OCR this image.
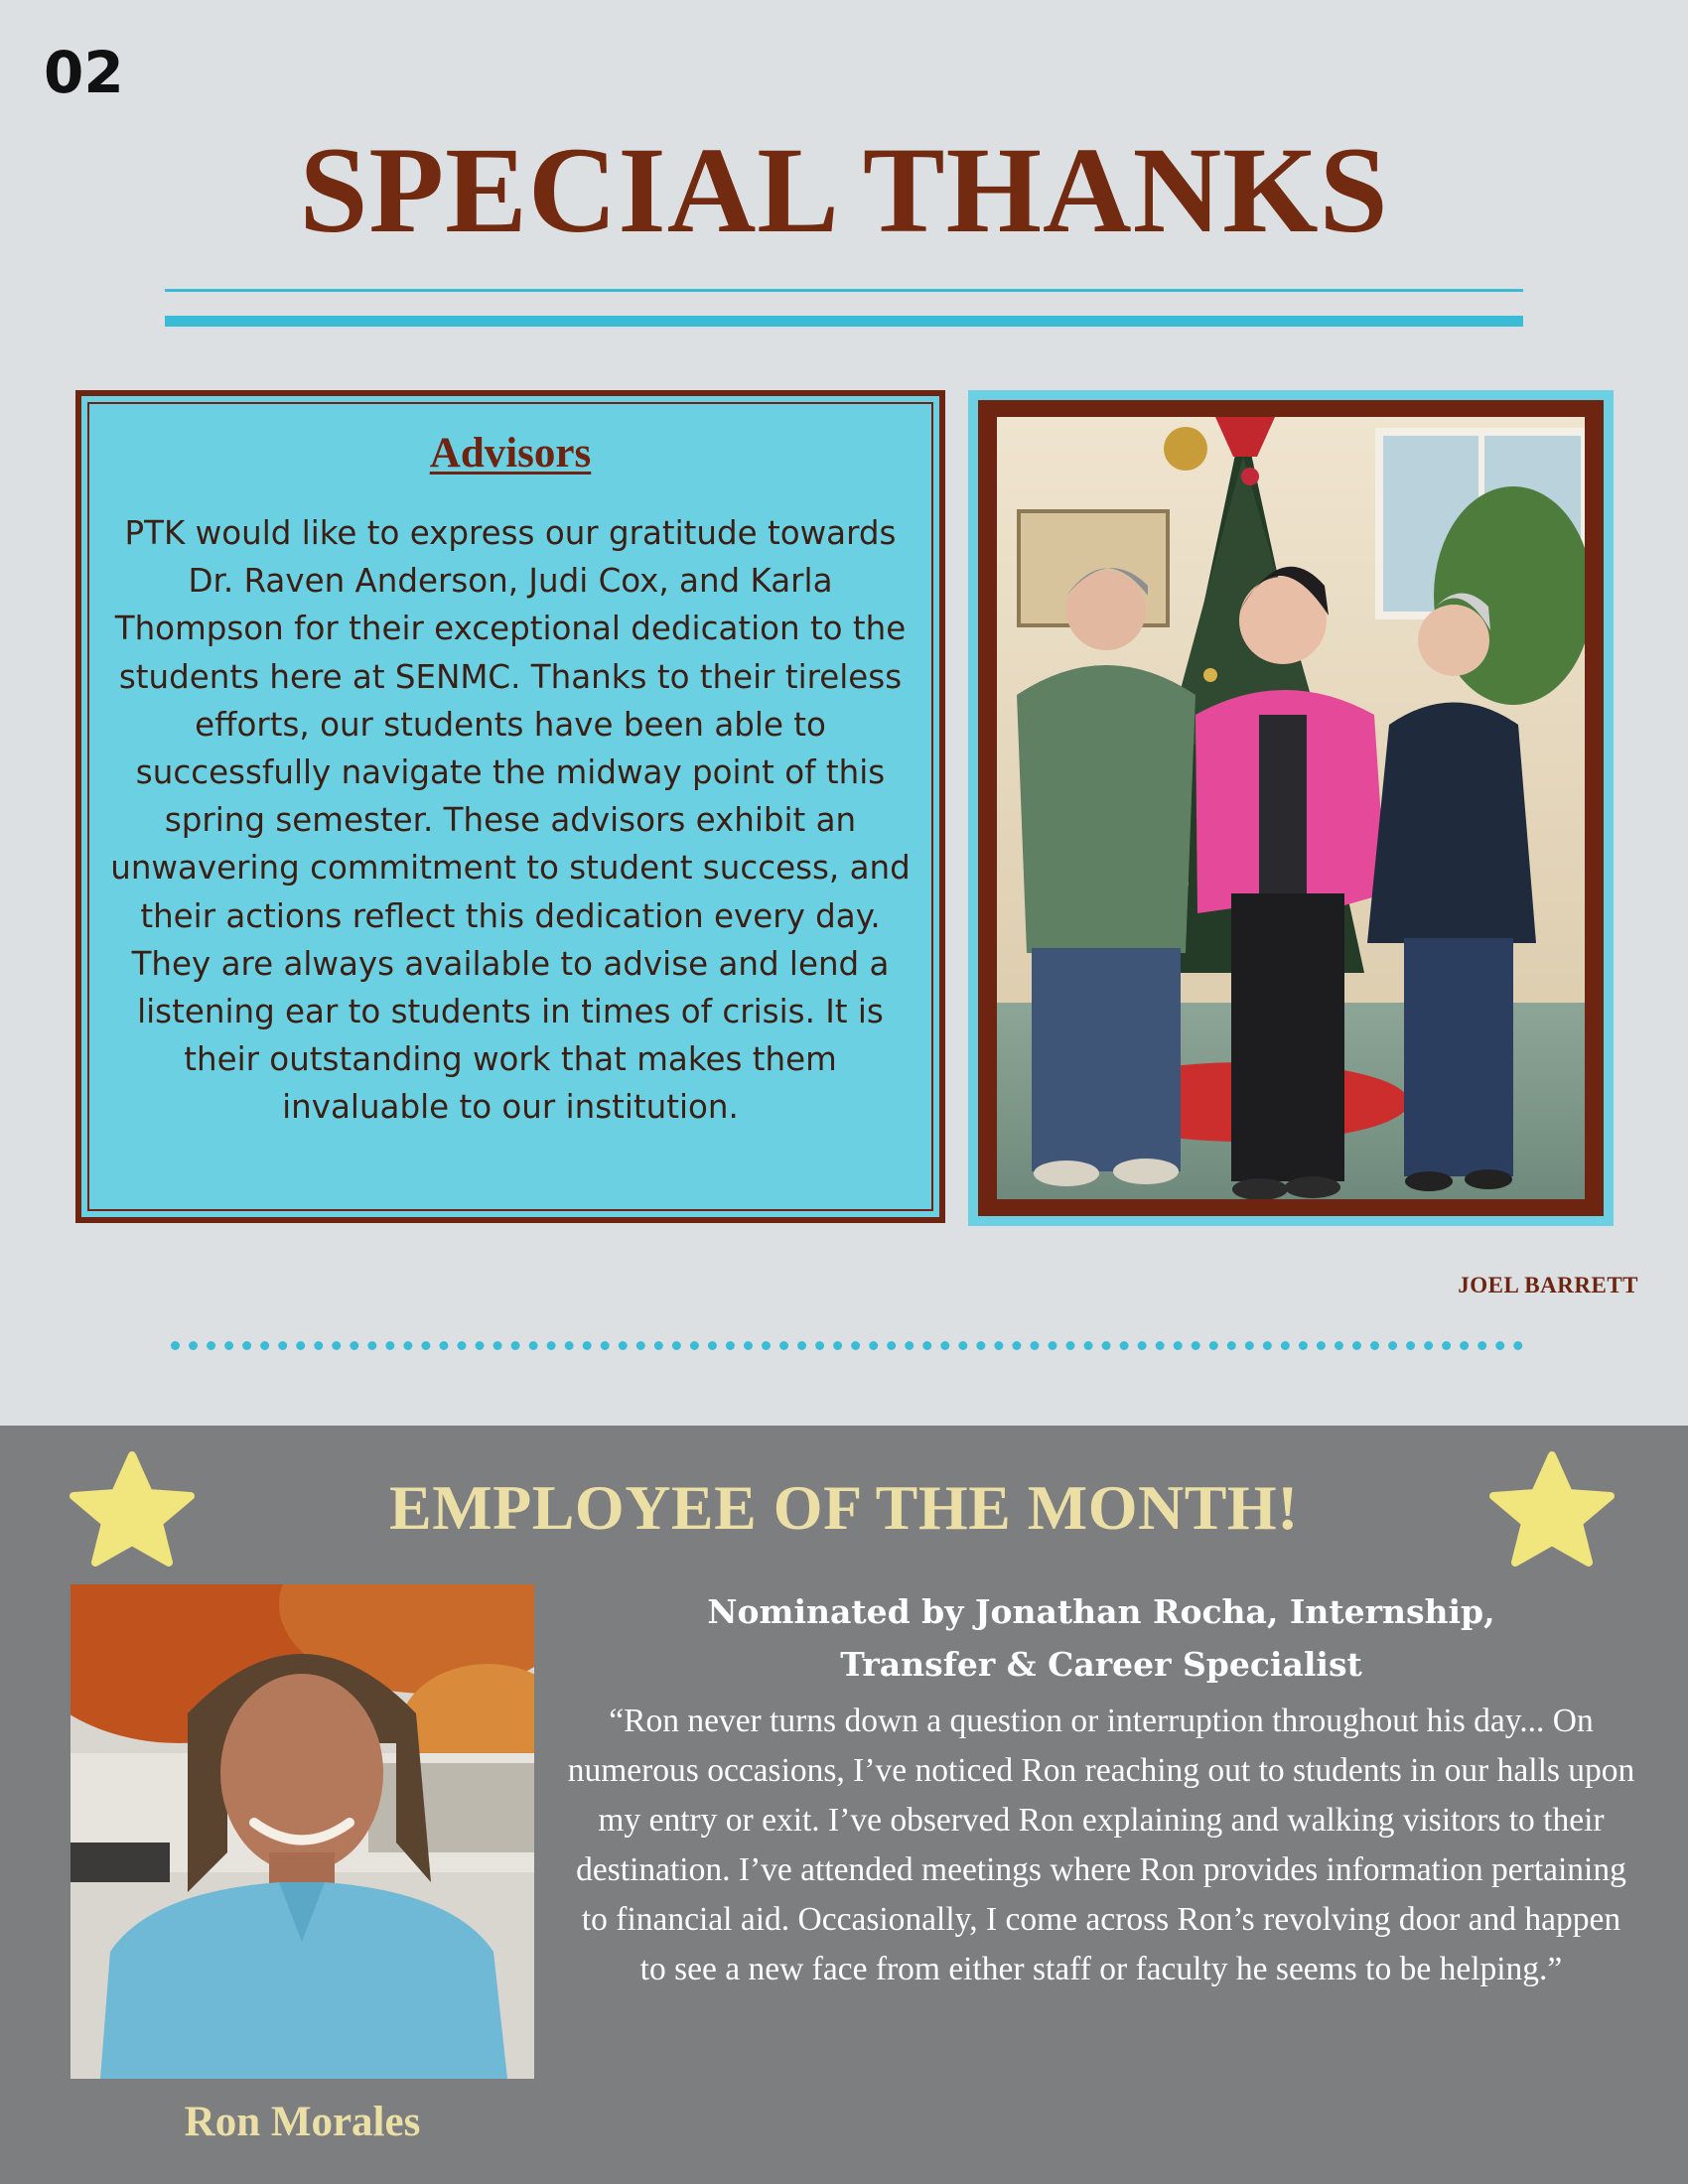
02
SPECIAL THANKS
Advisors
PTK would like to express our gratitude towards Dr. Raven Anderson, Judi Cox, and Karla Thompson for their exceptional dedication to the students here at SENMC. Thanks to their tireless efforts, our students have been able to successfully navigate the midway point of this spring semester. These advisors exhibit an unwavering commitment to student success, and their actions reflect this dedication every day. They are always available to advise and lend a listening ear to students in times of crisis. It is their outstanding work that makes them invaluable to our institution.
JOEL BARRETT
EMPLOYEE OF THE MONTH!
Ron Morales
Nominated by Jonathan Rocha, Internship,
Transfer & Career Specialist
“Ron never turns down a question or interruption throughout his day... On numerous occasions, I’ve noticed Ron reaching out to students in our halls upon my entry or exit. I’ve observed Ron explaining and walking visitors to their destination. I’ve attended meetings where Ron provides information pertaining to financial aid. Occasionally, I come across Ron’s revolving door and happen to see a new face from either staff or faculty he seems to be helping.”
